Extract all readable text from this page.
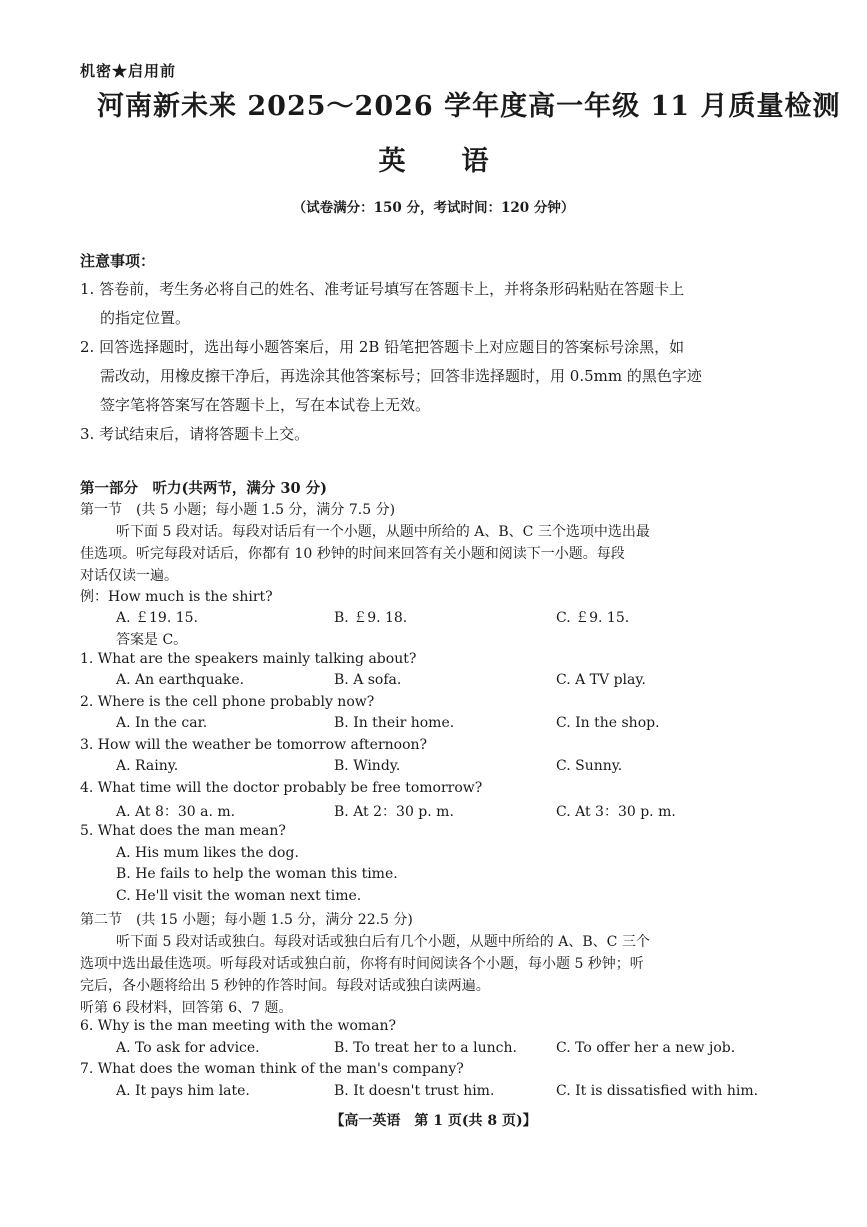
机密★启用前
河南新未来 2025～2026 学年度高一年级 11 月质量检测
英 语
（试卷满分：150 分，考试时间：120 分钟）
注意事项：
1. 答卷前，考生务必将自己的姓名、准考证号填写在答题卡上，并将条形码粘贴在答题卡上
的指定位置。
2. 回答选择题时，选出每小题答案后，用 2B 铅笔把答题卡上对应题目的答案标号涂黑，如
需改动，用橡皮擦干净后，再选涂其他答案标号；回答非选择题时，用 0.5mm 的黑色字迹
签字笔将答案写在答题卡上，写在本试卷上无效。
3. 考试结束后，请将答题卡上交。
第一部分　听力(共两节，满分 30 分)
第一节　(共 5 小题；每小题 1.5 分，满分 7.5 分)
听下面 5 段对话。每段对话后有一个小题，从题中所给的 A、B、C 三个选项中选出最
佳选项。听完每段对话后，你都有 10 秒钟的时间来回答有关小题和阅读下一小题。每段
对话仅读一遍。
例：How much is the shirt?
A. ￡19. 15.	B. ￡9. 18.	C. ￡9. 15.
答案是 C。
1. What are the speakers mainly talking about?
A. An earthquake.	B. A sofa.	C. A TV play.
2. Where is the cell phone probably now?
A. In the car.	B. In their home.	C. In the shop.
3. How will the weather be tomorrow afternoon?
A. Rainy.	B. Windy.	C. Sunny.
4. What time will the doctor probably be free tomorrow?
A. At 8：30 a. m.	B. At 2：30 p. m.	C. At 3：30 p. m.
5. What does the man mean?
A. His mum likes the dog.
B. He fails to help the woman this time.
C. He'll visit the woman next time.
第二节　(共 15 小题；每小题 1.5 分，满分 22.5 分)
听下面 5 段对话或独白。每段对话或独白后有几个小题，从题中所给的 A、B、C 三个
选项中选出最佳选项。听每段对话或独白前，你将有时间阅读各个小题，每小题 5 秒钟；听
完后，各小题将给出 5 秒钟的作答时间。每段对话或独白读两遍。
听第 6 段材料，回答第 6、7 题。
6. Why is the man meeting with the woman?
A. To ask for advice.	B. To treat her to a lunch.	C. To offer her a new job.
7. What does the woman think of the man's company?
A. It pays him late.	B. It doesn't trust him.	C. It is dissatisfied with him.
【高一英语　第 1 页(共 8 页)】
